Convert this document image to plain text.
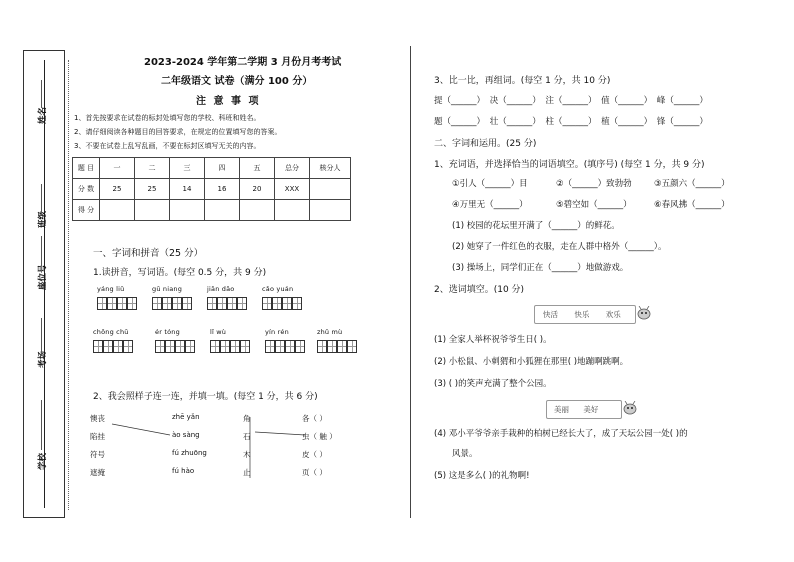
姓名
班级
座位号
考场
学校
2023-2024 学年第二学期 3 月份月考考试
二年级语文 试卷（满分 100 分）
注 意 事 项
1、首先按要求在试卷的标封处填写您的学校、科班和姓名。
2、请仔细阅读各种题目的回答要求，在规定的位置填写您的答案。
3、不要在试卷上乱写乱画，不要在标封区填写无关的内容。
题 目	一	二	三	四	五	总分	核分人
分 数	25	25	14	16	20	XXX	
得 分							
一、字词和拼音（25 分）
1.读拼音，写词语。(每空 0.5 分，共 9 分)
yáng liǔ	gū niang	jiān dāo	cǎo yuán
chōng chū	ér tóng	lǐ wù	yín rén	zhǔ mù
2、我会照样子连一连，并填一填。(每空 1 分，共 6 分)
懊丧
陷挂
符号
遮掩
zhē yǎn
ào sàng
fú zhuōng
fú hào
角
石
木
止
各（ ）
虫（ 触 ）
皮（ ）
页（ ）
3、比一比，再组词。(每空 1 分，共 10 分)
提（______） 决（______） 注（______） 值（______） 峰（______）
题（______） 壮（______） 柱（______） 植（______） 锋（______）
二、字词和运用。(25 分)
1、充词语，并选择恰当的词语填空。(填序号) (每空 1 分，共 9 分)
①引人（______）目	②（______）致勃勃	③五颜六（______）
④万里无（______）	⑤碧空如（______）	⑥春风拂（______）
(1) 校园的花坛里开满了（______）的鲜花。
(2) 她穿了一件红色的衣服，走在人群中格外（______）。
(3) 操场上，同学们正在（______）地做游戏。
2、选词填空。(10 分)
快活 快乐 欢乐
(1) 全家人举杯祝爷爷生日( )。
(2) 小松鼠、小刺猬和小狐狸在那里( )地蹦啊跳啊。
(3) ( )的笑声充满了整个公园。
美丽 美好
(4) 邓小平爷爷亲手栽种的柏树已经长大了，成了天坛公园一处( )的
风景。
(5) 这是多么( )的礼物啊!
